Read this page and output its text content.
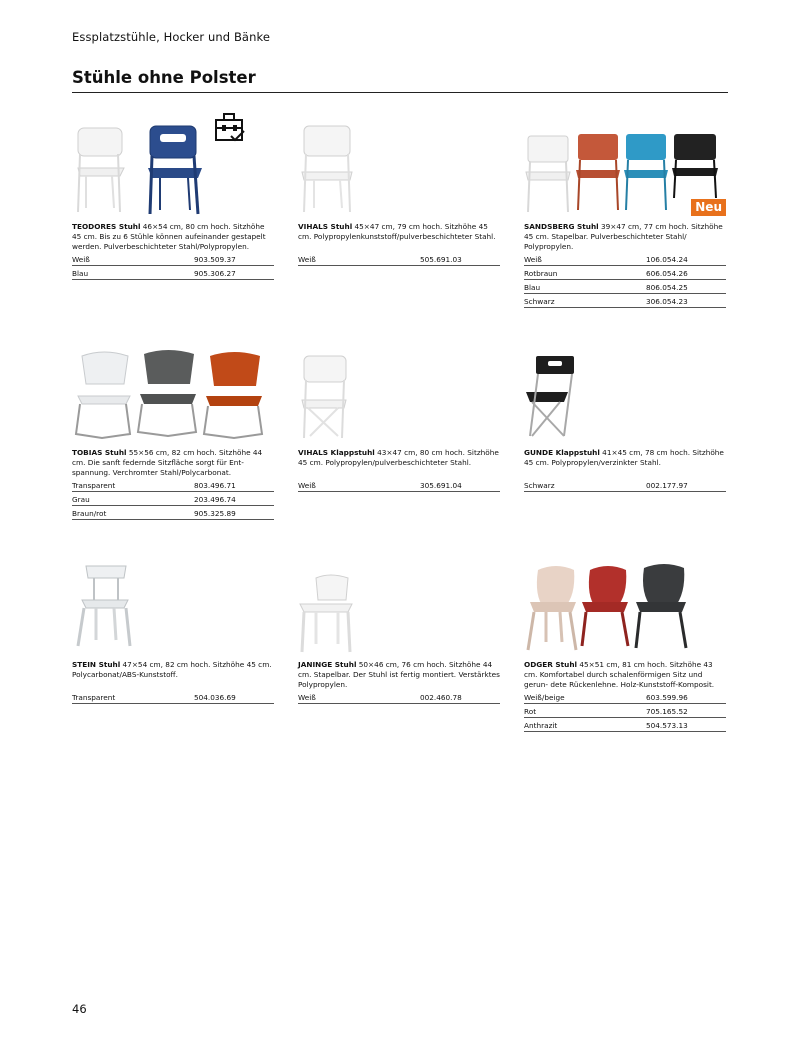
Essplatzstühle, Hocker und Bänke
Stühle ohne Polster
TEODORES Stuhl 46×54 cm, 80 cm hoch. Sitzhöhe 45 cm. Bis zu 6 Stühle können aufeinander gestapelt werden. Pulverbeschichteter Stahl/Polypropylen.
Weiß	903.509.37
Blau	905.306.27
VIHALS Stuhl 45×47 cm, 79 cm hoch. Sitzhöhe 45 cm. Polypropylenkunststoff/pulverbeschichteter Stahl.
Weiß	505.691.03
Neu
SANDSBERG Stuhl 39×47 cm, 77 cm hoch. Sitzhöhe 45 cm. Stapelbar. Pulverbeschichteter Stahl/ Polypropylen.
Weiß	106.054.24
Rotbraun	606.054.26
Blau	806.054.25
Schwarz	306.054.23
TOBIAS Stuhl 55×56 cm, 82 cm hoch. Sitzhöhe 44 cm. Die sanft federnde Sitzfläche sorgt für Ent- spannung. Verchromter Stahl/Polycarbonat.
Transparent	803.496.71
Grau	203.496.74
Braun/rot	905.325.89
VIHALS Klappstuhl 43×47 cm, 80 cm hoch. Sitzhöhe 45 cm. Polypropylen/pulverbeschichteter Stahl.
Weiß	305.691.04
GUNDE Klappstuhl 41×45 cm, 78 cm hoch. Sitzhöhe 45 cm. Polypropylen/verzinkter Stahl.
Schwarz	002.177.97
STEIN Stuhl 47×54 cm, 82 cm hoch. Sitzhöhe 45 cm. Polycarbonat/ABS-Kunststoff.
Transparent	504.036.69
JANINGE Stuhl 50×46 cm, 76 cm hoch. Sitzhöhe 44 cm. Stapelbar. Der Stuhl ist fertig montiert. Verstärktes Polypropylen.
Weiß	002.460.78
ODGER Stuhl 45×51 cm, 81 cm hoch. Sitzhöhe 43 cm. Komfortabel durch schalenförmigen Sitz und gerun- dete Rückenlehne. Holz-Kunststoff-Komposit.
Weiß/beige	603.599.96
Rot	705.165.52
Anthrazit	504.573.13
46
